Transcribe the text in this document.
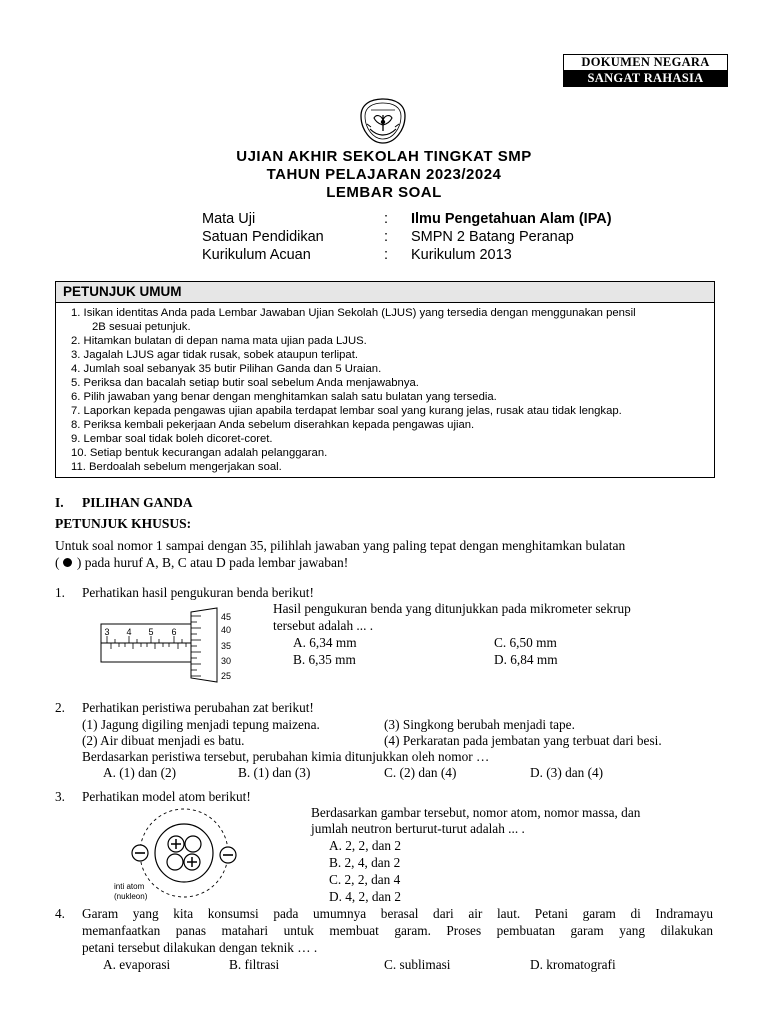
DOKUMEN NEGARA
SANGAT RAHASIA
UJIAN AKHIR SEKOLAH TINGKAT SMP
TAHUN PELAJARAN 2023/2024
LEMBAR SOAL
Mata Uji	: Ilmu Pengetahuan Alam (IPA)
Satuan Pendidikan	: SMPN 2 Batang Peranap
Kurikulum Acuan	: Kurikulum 2013
PETUNJUK UMUM
1. Isikan identitas Anda pada Lembar Jawaban Ujian Sekolah (LJUS) yang tersedia dengan menggunakan pensil
2B sesuai petunjuk.
2. Hitamkan bulatan di depan nama mata ujian pada LJUS.
3. Jagalah LJUS agar tidak rusak, sobek ataupun terlipat.
4. Jumlah soal sebanyak 35 butir Pilihan Ganda dan 5 Uraian.
5. Periksa dan bacalah setiap butir soal sebelum Anda menjawabnya.
6. Pilih jawaban yang benar dengan menghitamkan salah satu bulatan yang tersedia.
7. Laporkan kepada pengawas ujian apabila terdapat lembar soal yang kurang jelas, rusak atau tidak lengkap.
8. Periksa kembali pekerjaan Anda sebelum diserahkan kepada pengawas ujian.
9. Lembar soal tidak boleh dicoret-coret.
10. Setiap bentuk kecurangan adalah pelanggaran.
11. Berdoalah sebelum mengerjakan soal.
I. PILIHAN GANDA
PETUNJUK KHUSUS:
Untuk soal nomor 1 sampai dengan 35, pilihlah jawaban yang paling tepat dengan menghitamkan bulatan
( ) pada huruf A, B, C atau D pada lembar jawaban!
1. Perhatikan hasil pengukuran benda berikut!
Hasil pengukuran benda yang ditunjukkan pada mikrometer sekrup
tersebut adalah ... .
A. 6,34 mm
B. 6,35 mm
C. 6,50 mm
D. 6,84 mm
3 4 5 6
45
40
35
30
25
2. Perhatikan peristiwa perubahan zat berikut!
(1) Jagung digiling menjadi tepung maizena.	(3) Singkong berubah menjadi tape.
(2) Air dibuat menjadi es batu.	(4) Perkaratan pada jembatan yang terbuat dari besi.
Berdasarkan peristiwa tersebut, perubahan kimia ditunjukkan oleh nomor …
A. (1) dan (2)	B. (1) dan (3)	C. (2) dan (4)	D. (3) dan (4)
3. Perhatikan model atom berikut!
Berdasarkan gambar tersebut, nomor atom, nomor massa, dan
jumlah neutron berturut-turut adalah ... .
A. 2, 2, dan 2
B. 2, 4, dan 2
C. 2, 2, dan 4
D. 4, 2, dan 2
inti atom
(nukleon)
4. Garam yang kita konsumsi pada umumnya berasal dari air laut. Petani garam di Indramayu
memanfaatkan panas matahari untuk membuat garam. Proses pembuatan garam yang dilakukan
petani tersebut dilakukan dengan teknik … .
A. evaporasi	B. filtrasi	C. sublimasi	D. kromatografi
